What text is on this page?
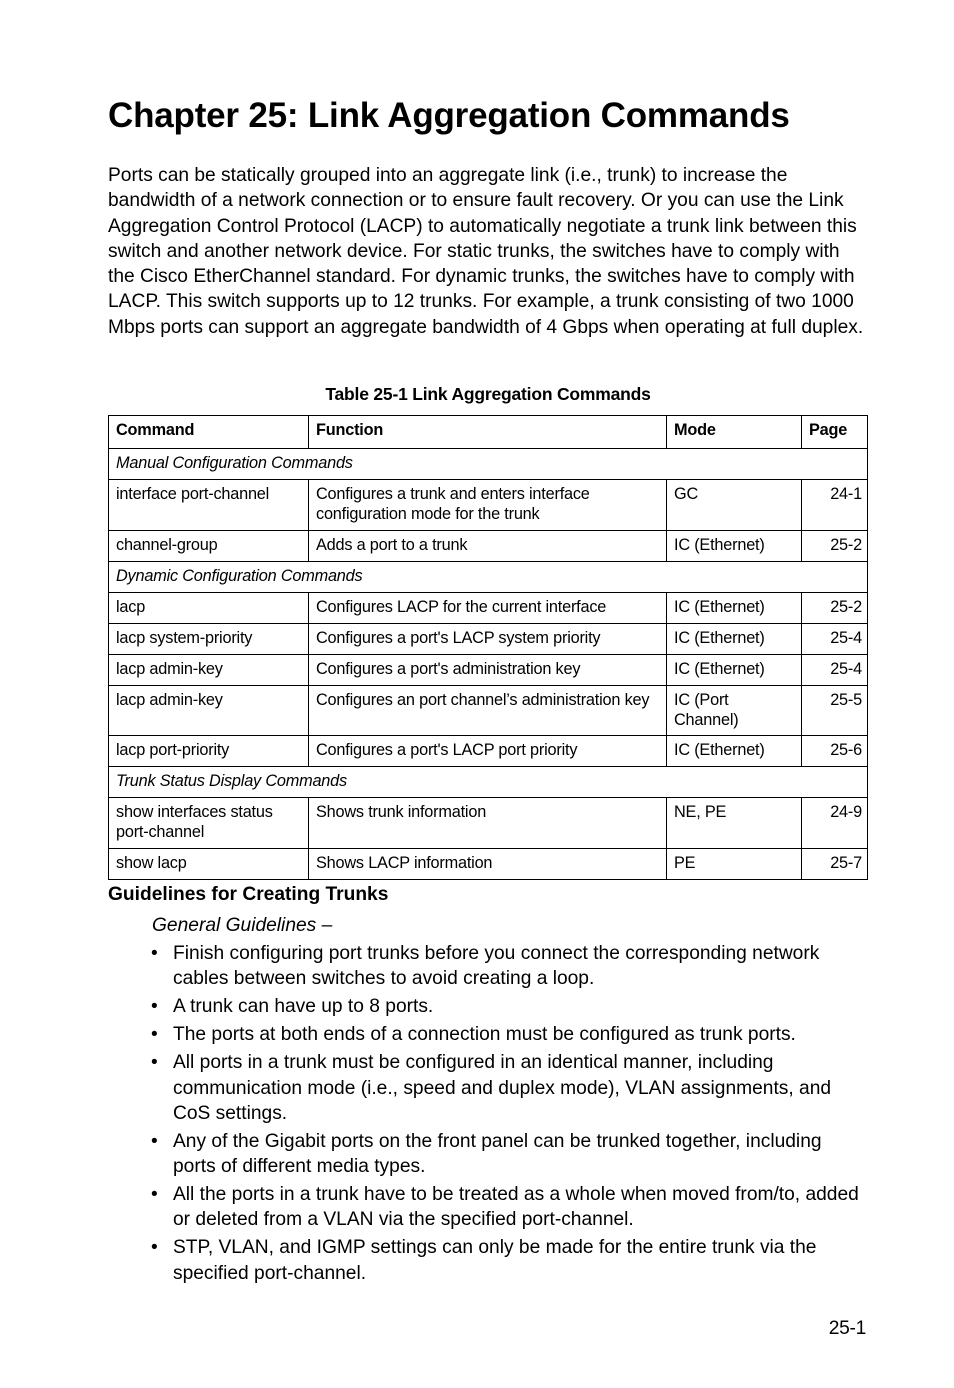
Chapter 25: Link Aggregation Commands

Ports can be statically grouped into an aggregate link (i.e., trunk) to increase the bandwidth of a network connection or to ensure fault recovery. Or you can use the Link Aggregation Control Protocol (LACP) to automatically negotiate a trunk link between this switch and another network device. For static trunks, the switches have to comply with the Cisco EtherChannel standard. For dynamic trunks, the switches have to comply with LACP. This switch supports up to 12 trunks. For example, a trunk consisting of two 1000 Mbps ports can support an aggregate bandwidth of 4 Gbps when operating at full duplex.

Table 25-1 Link Aggregation Commands
Command	Function	Mode	Page
Manual Configuration Commands			
interface port-channel	Configures a trunk and enters interface configuration mode for the trunk	GC	24-1
channel-group	Adds a port to a trunk	IC (Ethernet)	25-2
Dynamic Configuration Commands			
lacp	Configures LACP for the current interface	IC (Ethernet)	25-2
lacp system-priority	Configures a port's LACP system priority	IC (Ethernet)	25-4
lacp admin-key	Configures a port's administration key	IC (Ethernet)	25-4
lacp admin-key	Configures an port channel’s administration key	IC (Port Channel)	25-5
lacp port-priority	Configures a port's LACP port priority	IC (Ethernet)	25-6
Trunk Status Display Commands			
show interfaces status port-channel	Shows trunk information	NE, PE	24-9
show lacp	Shows LACP information	PE	25-7
Guidelines for Creating Trunks
General Guidelines –
• Finish configuring port trunks before you connect the corresponding network cables between switches to avoid creating a loop.
• A trunk can have up to 8 ports.
• The ports at both ends of a connection must be configured as trunk ports.
• All ports in a trunk must be configured in an identical manner, including communication mode (i.e., speed and duplex mode), VLAN assignments, and CoS settings.
• Any of the Gigabit ports on the front panel can be trunked together, including ports of different media types.
• All the ports in a trunk have to be treated as a whole when moved from/to, added or deleted from a VLAN via the specified port-channel.
• STP, VLAN, and IGMP settings can only be made for the entire trunk via the specified port-channel.
25-1
